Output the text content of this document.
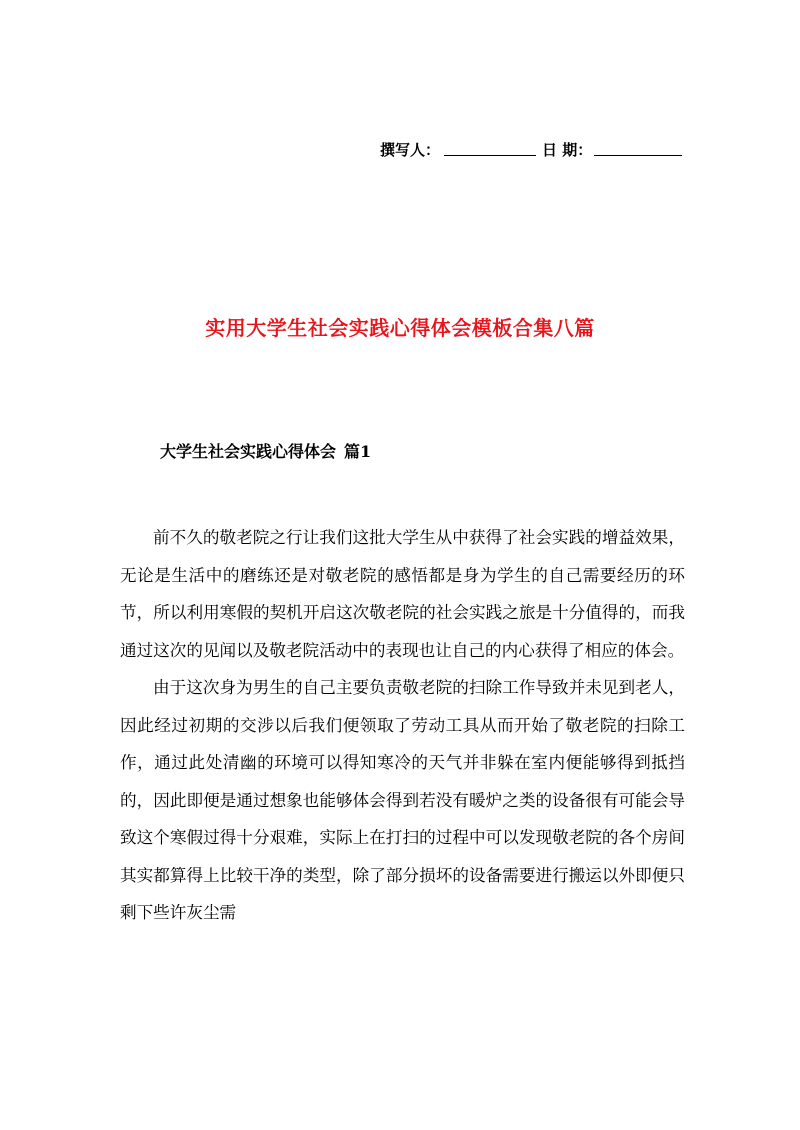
撰写人：	日 期：
实用大学生社会实践心得体会模板合集八篇
大学生社会实践心得体会 篇1

前不久的敬老院之行让我们这批大学生从中获得了社会实践的增益效果，无论是生活中的磨练还是对敬老院的感悟都是身为学生的自己需要经历的环节，所以利用寒假的契机开启这次敬老院的社会实践之旅是十分值得的，而我通过这次的见闻以及敬老院活动中的表现也让自己的内心获得了相应的体会。

由于这次身为男生的自己主要负责敬老院的扫除工作导致并未见到老人，因此经过初期的交涉以后我们便领取了劳动工具从而开始了敬老院的扫除工作，通过此处清幽的环境可以得知寒冷的天气并非躲在室内便能够得到抵挡的，因此即便是通过想象也能够体会得到若没有暖炉之类的设备很有可能会导致这个寒假过得十分艰难，实际上在打扫的过程中可以发现敬老院的各个房间其实都算得上比较干净的类型，除了部分损坏的设备需要进行搬运以外即便只剩下些许灰尘需
